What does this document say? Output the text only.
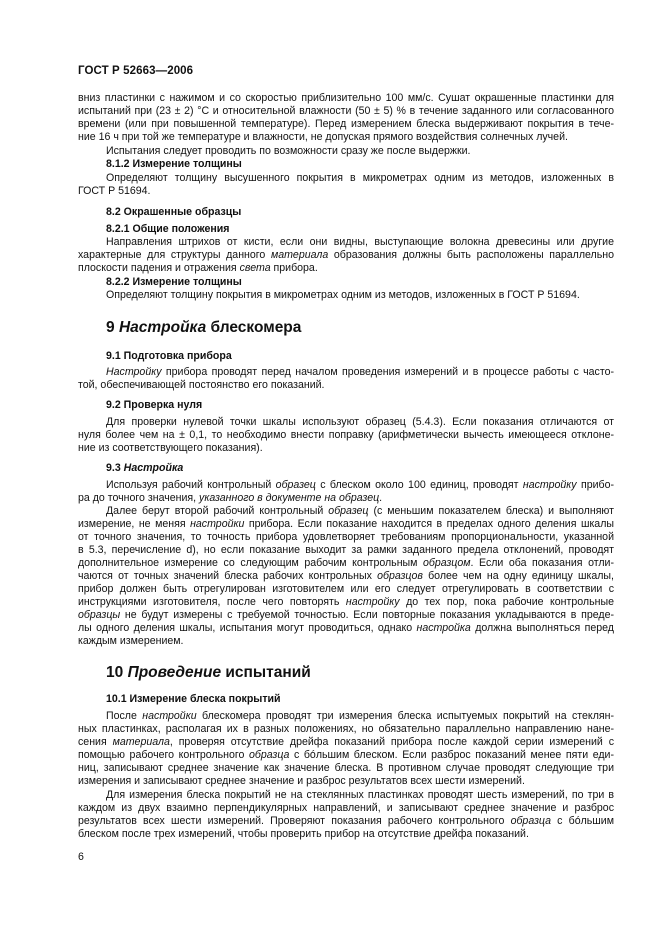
ГОСТ Р 52663—2006
вниз пластинки с нажимом и со скоростью приблизительно 100 мм/с. Сушат окрашенные пластинки для
испытаний при (23 ± 2) °С и относительной влажности (50 ± 5) % в течение заданного или согласованного
времени (или при повышенной температуре). Перед измерением блеска выдерживают покрытия в тече-
ние 16 ч при той же температуре и влажности, не допуская прямого воздействия солнечных лучей.
Испытания следует проводить по возможности сразу же после выдержки.
8.1.2 Измерение толщины
Определяют толщину высушенного покрытия в микрометрах одним из методов, изложенных в
ГОСТ Р 51694.
8.2 Окрашенные образцы
8.2.1 Общие положения
Направления штрихов от кисти, если они видны, выступающие волокна древесины или другие
характерные для структуры данного материала образования должны быть расположены параллельно
плоскости падения и отражения света прибора.
8.2.2 Измерение толщины
Определяют толщину покрытия в микрометрах одним из методов, изложенных в ГОСТ Р 51694.
9 Настройка блескомера
9.1 Подготовка прибора
Настройку прибора проводят перед началом проведения измерений и в процессе работы с часто-
той, обеспечивающей постоянство его показаний.
9.2 Проверка нуля
Для проверки нулевой точки шкалы используют образец (5.4.3). Если показания отличаются от
нуля более чем на ± 0,1, то необходимо внести поправку (арифметически вычесть имеющееся отклоне-
ние из соответствующего показания).
9.3 Настройка
Используя рабочий контрольный образец с блеском около 100 единиц, проводят настройку прибо-
ра до точного значения, указанного в документе на образец.
Далее берут второй рабочий контрольный образец (с меньшим показателем блеска) и выполняют
измерение, не меняя настройки прибора. Если показание находится в пределах одного деления шкалы
от точного значения, то точность прибора удовлетворяет требованиям пропорциональности, указанной
в 5.3, перечисление d), но если показание выходит за рамки заданного предела отклонений, проводят
дополнительное измерение со следующим рабочим контрольным образцом. Если оба показания отли-
чаются от точных значений блеска рабочих контрольных образцов более чем на одну единицу шкалы,
прибор должен быть отрегулирован изготовителем или его следует отрегулировать в соответствии с
инструкциями изготовителя, после чего повторять настройку до тех пор, пока рабочие контрольные
образцы не будут измерены с требуемой точностью. Если повторные показания укладываются в преде-
лы одного деления шкалы, испытания могут проводиться, однако настройка должна выполняться перед
каждым измерением.
10 Проведение испытаний
10.1 Измерение блеска покрытий
После настройки блескомера проводят три измерения блеска испытуемых покрытий на стеклян-
ных пластинках, располагая их в разных положениях, но обязательно параллельно направлению нане-
сения материала, проверяя отсутствие дрейфа показаний прибора после каждой серии измерений с
помощью рабочего контрольного образца с бóльшим блеском. Если разброс показаний менее пяти еди-
ниц, записывают среднее значение как значение блеска. В противном случае проводят следующие три
измерения и записывают среднее значение и разброс результатов всех шести измерений.
Для измерения блеска покрытий не на стеклянных пластинках проводят шесть измерений, по три в
каждом из двух взаимно перпендикулярных направлений, и записывают среднее значение и разброс
результатов всех шести измерений. Проверяют показания рабочего контрольного образца с бóльшим
блеском после трех измерений, чтобы проверить прибор на отсутствие дрейфа показаний.
6
